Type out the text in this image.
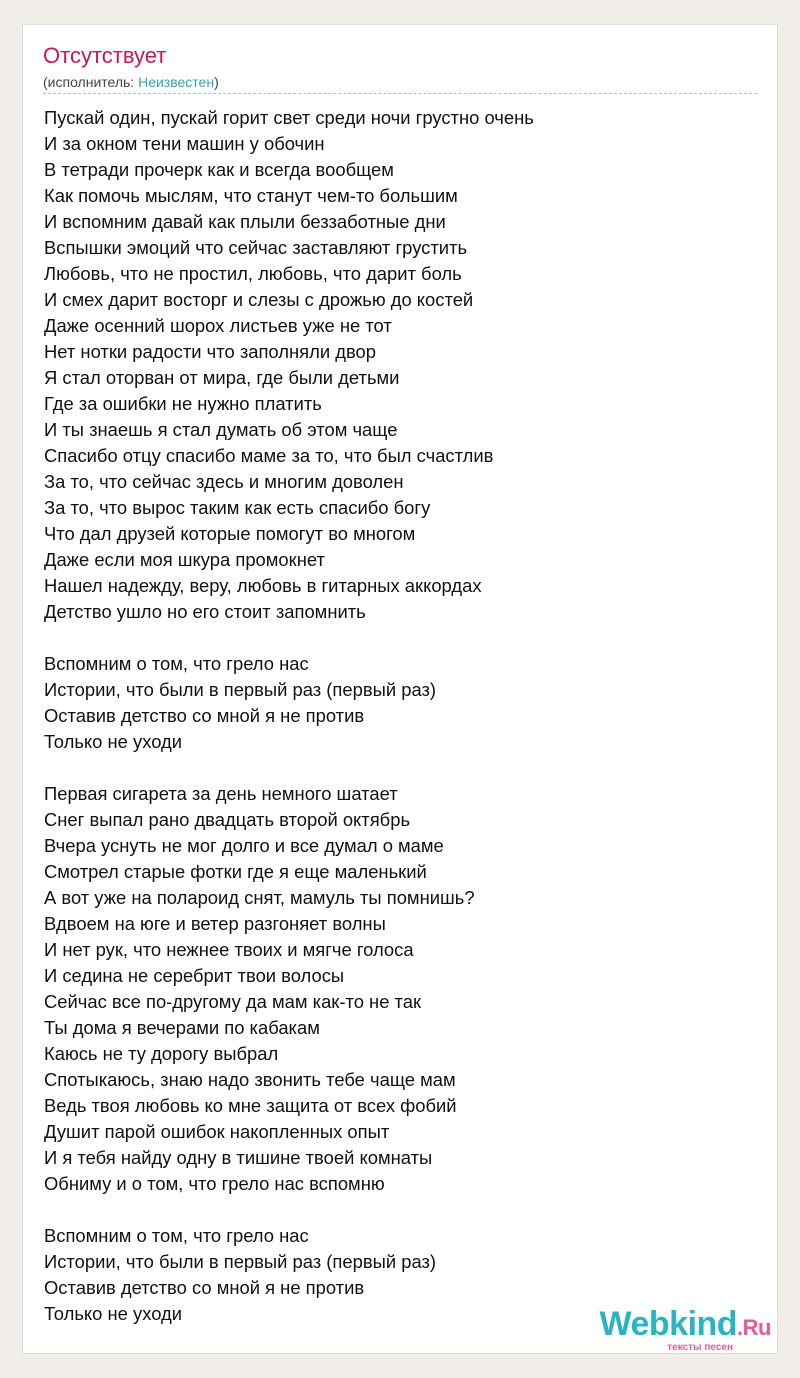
Отсутствует
(исполнитель: Неизвестен)
Пускай один, пускай горит свет среди ночи грустно очень
И за окном тени машин у обочин
В тетради прочерк как и всегда вообщем
Как помочь мыслям, что станут чем-то большим
И вспомним давай как плыли беззаботные дни
Вспышки эмоций что сейчас заставляют грустить
Любовь, что не простил, любовь, что дарит боль
И смех дарит восторг и слезы с дрожью до костей
Даже осенний шорох листьев уже не тот
Нет нотки радости что заполняли двор
Я стал оторван от мира, где были детьми
Где за ошибки не нужно платить
И ты знаешь я стал думать об этом чаще
Спасибо отцу спасибо маме за то, что был счастлив
За то, что сейчас здесь и многим доволен
За то, что вырос таким как есть спасибо богу
Что дал друзей которые помогут во многом
Даже если моя шкура промокнет
Нашел надежду, веру, любовь в гитарных аккордах
Детство ушло но его стоит запомнить
Вспомним о том, что грело нас
Истории, что были в первый раз (первый раз)
Оставив детство со мной я не против
Только не уходи
Первая сигарета за день немного шатает
Снег выпал рано двадцать второй октябрь
Вчера уснуть не мог долго и все думал о маме
Смотрел старые фотки где я еще маленький
А вот уже на полароид снят, мамуль ты помнишь?
Вдвоем на юге и ветер разгоняет волны
И нет рук, что нежнее твоих и мягче голоса
И седина не серебрит твои волосы
Сейчас все по-другому да мам как-то не так
Ты дома я вечерами по кабакам
Каюсь не ту дорогу выбрал
Спотыкаюсь, знаю надо звонить тебе чаще мам
Ведь твоя любовь ко мне защита от всех фобий
Душит парой ошибок накопленных опыт
И я тебя найду одну в тишине твоей комнаты
Обниму и о том, что грело нас вспомню
Вспомним о том, что грело нас
Истории, что были в первый раз (первый раз)
Оставив детство со мной я не против
Только не уходи	Webkind.Ru
тексты песен
